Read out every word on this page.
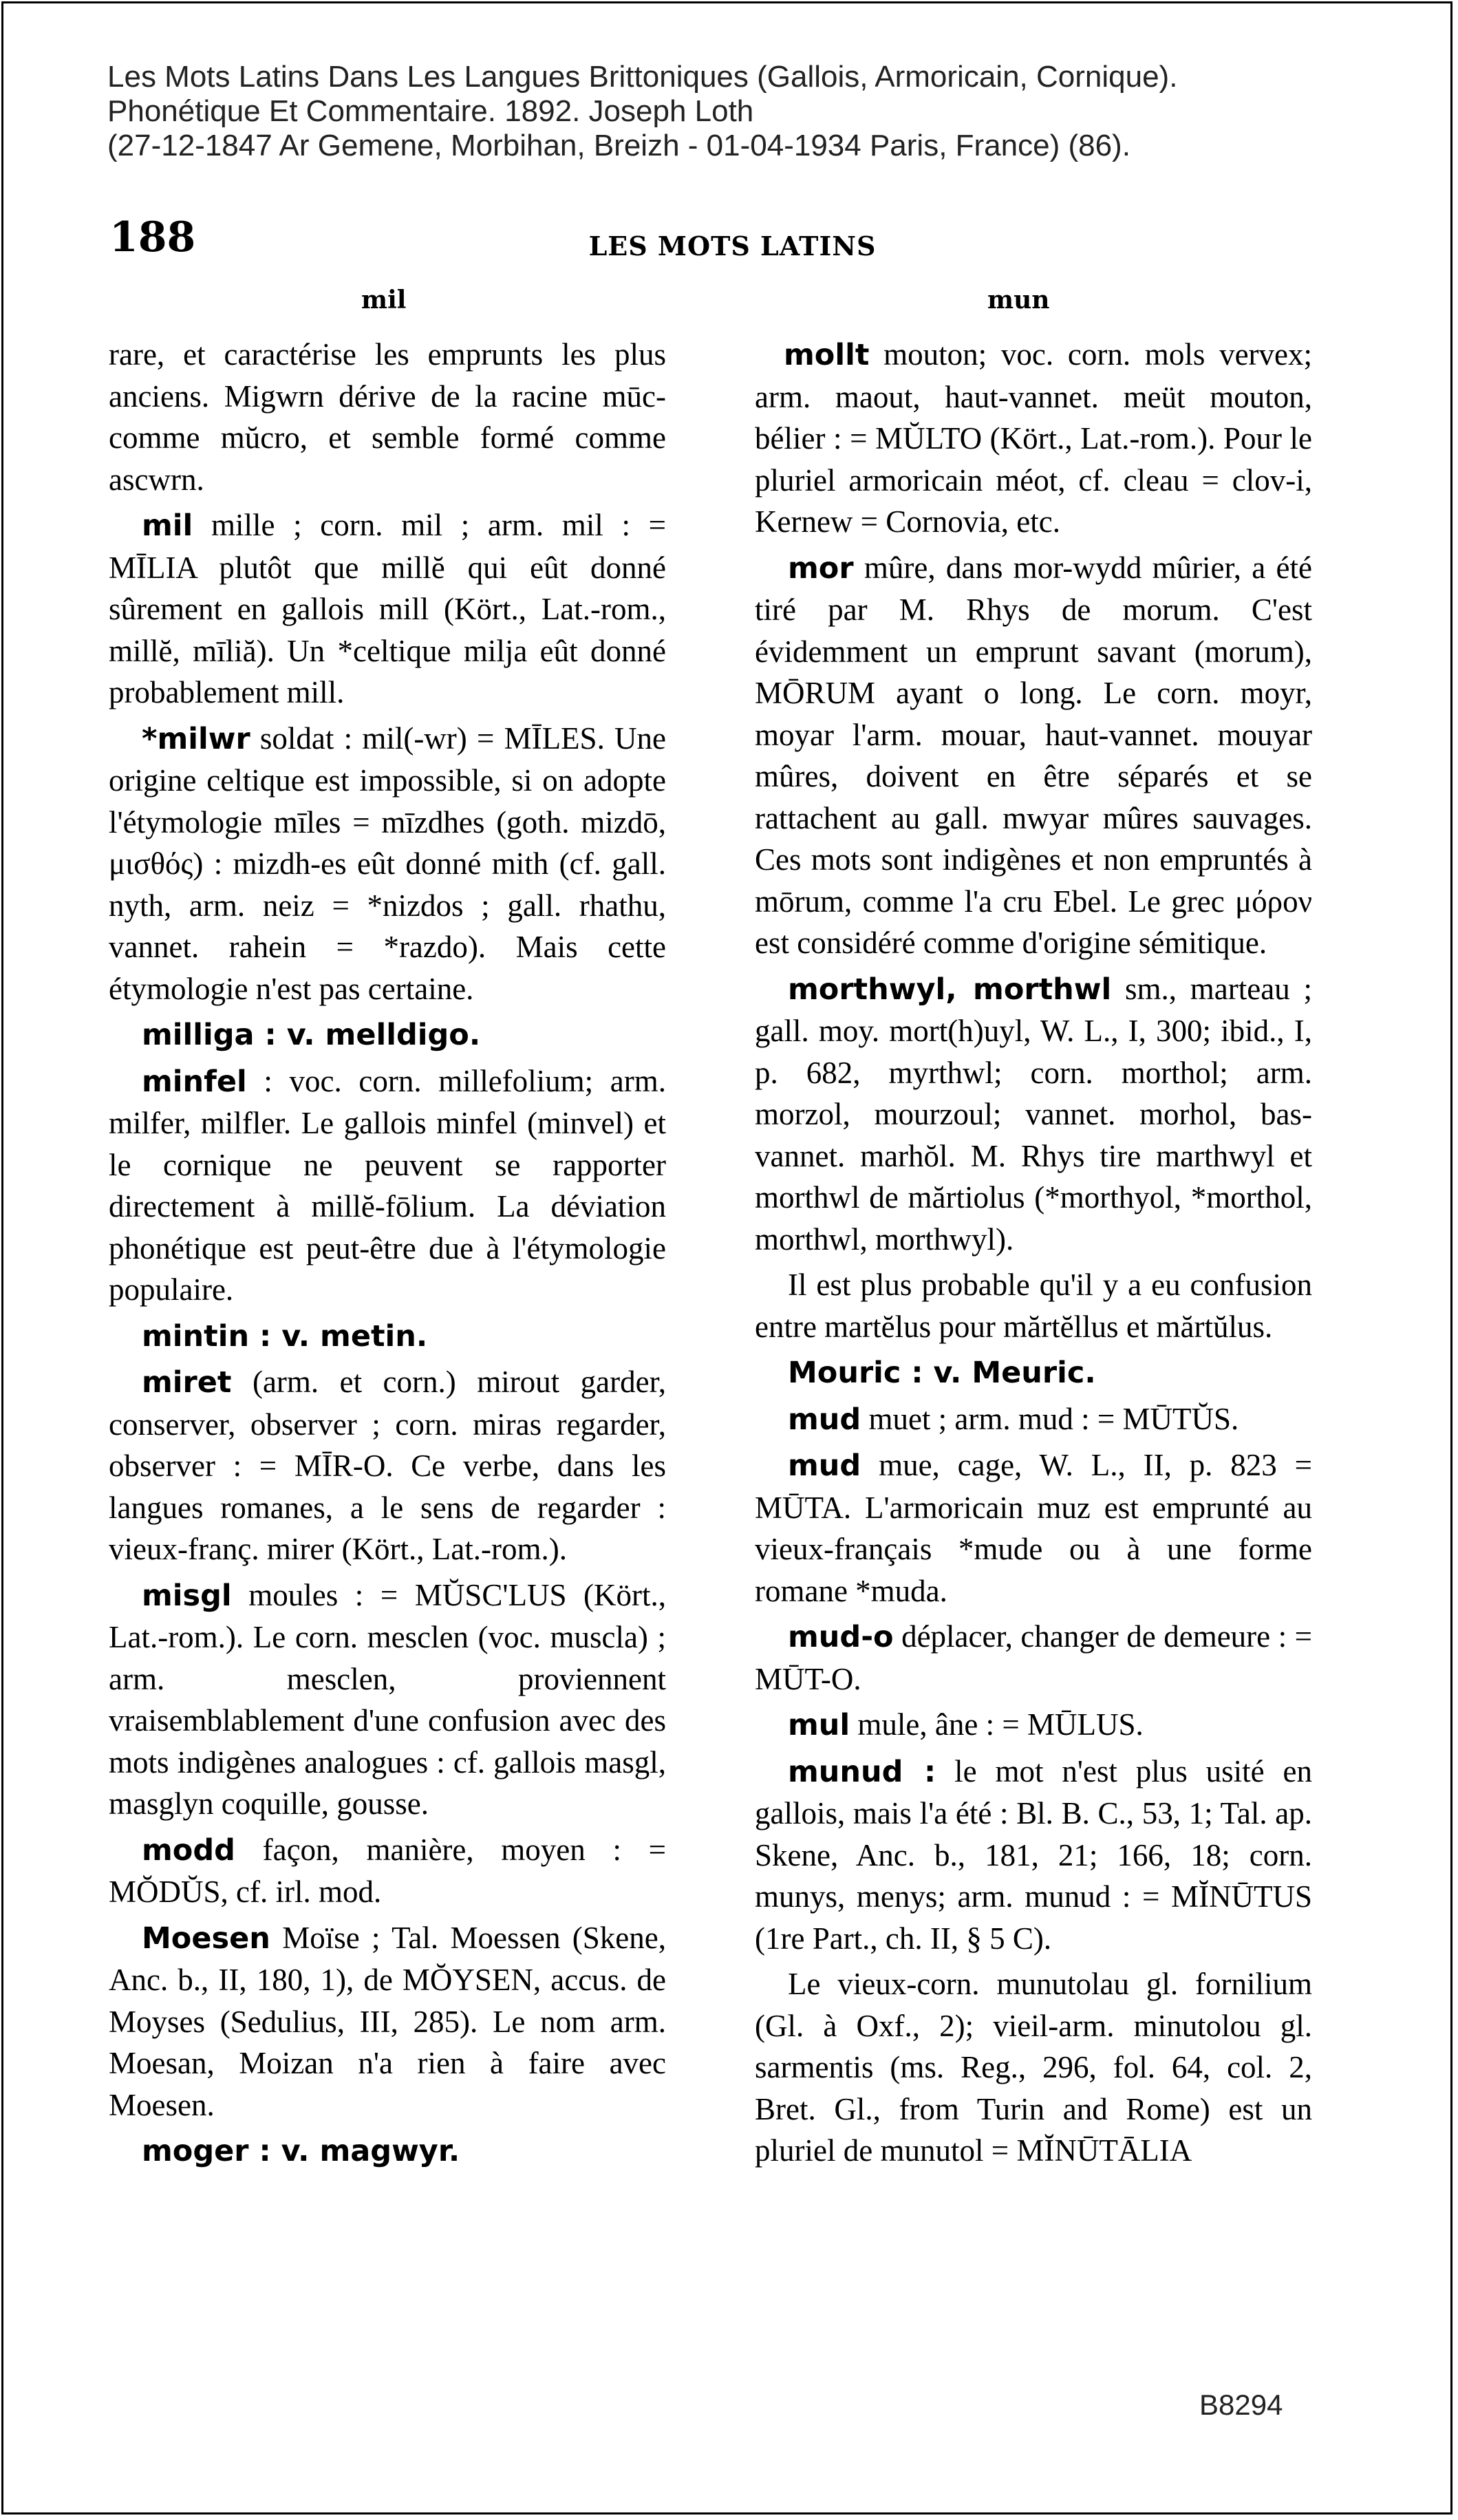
Les Mots Latins Dans Les Langues Brittoniques (Gallois, Armoricain, Cornique).
Phonétique Et Commentaire. 1892. Joseph Loth
(27-12-1847 Ar Gemene, Morbihan, Breizh - 01-04-1934 Paris, France) (86).
188	LES MOTS LATINS
mil	mun

rare, et caractérise les emprunts les plus anciens. Migwrn dérive de la racine mūc- comme mŭcro, et semble formé comme ascwrn.

mil mille ; corn. mil ; arm. mil : = MĪLIA plutôt que millĕ qui eût donné sûrement en gallois mill (Kört., Lat.-rom., millĕ, mīliă). Un *celtique milja eût donné probablement mill.

*milwr soldat : mil(-wr) = MĪLES. Une origine celtique est impossible, si on adopte l'étymologie mīles = mīzdhes (goth. mizdō, μισθός) : mizdh-es eût donné mith (cf. gall. nyth, arm. neiz = *nizdos ; gall. rhathu, vannet. rahein = *razdo). Mais cette étymologie n'est pas certaine.

milliga : v. melldigo.

minfel : voc. corn. millefolium; arm. milfer, milfler. Le gallois minfel (minvel) et le cornique ne peuvent se rapporter directement à millĕ-fōlium. La déviation phonétique est peut-être due à l'étymologie populaire.

mintin : v. metin.

miret (arm. et corn.) mirout garder, conserver, observer ; corn. miras regarder, observer : = MĪR-O. Ce verbe, dans les langues romanes, a le sens de regarder : vieux-franç. mirer (Kört., Lat.-rom.).

misgl moules : = MŬSC'LUS (Kört., Lat.-rom.). Le corn. mesclen (voc. muscla) ; arm. mesclen, proviennent vraisemblablement d'une confusion avec des mots indigènes analogues : cf. gallois masgl, masglyn coquille, gousse.

modd façon, manière, moyen : = MŎDŬS, cf. irl. mod.

Moesen Moïse ; Tal. Moessen (Skene, Anc. b., II, 180, 1), de MŎYSEN, accus. de Moyses (Sedulius, III, 285). Le nom arm. Moesan, Moizan n'a rien à faire avec Moesen.

moger : v. magwyr.

mollt mouton; voc. corn. mols vervex; arm. maout, haut-vannet. meüt mouton, bélier : = MŬLTO (Kört., Lat.-rom.). Pour le pluriel armoricain méot, cf. cleau = clov-i, Kernew = Cornovia, etc.

mor mûre, dans mor-wydd mûrier, a été tiré par M. Rhys de morum. C'est évidemment un emprunt savant (morum), MŌRUM ayant o long. Le corn. moyr, moyar l'arm. mouar, haut-vannet. mouyar mûres, doivent en être séparés et se rattachent au gall. mwyar mûres sauvages. Ces mots sont indigènes et non empruntés à mōrum, comme l'a cru Ebel. Le grec μόρον est considéré comme d'origine sémitique.

morthwyl, morthwl sm., marteau ; gall. moy. mort(h)uyl, W. L., I, 300; ibid., I, p. 682, myrthwl; corn. morthol; arm. morzol, mourzoul; vannet. morhol, bas-vannet. marhŏl. M. Rhys tire marthwyl et morthwl de mărtiolus (*morthyol, *morthol, morthwl, morthwyl).

Il est plus probable qu'il y a eu confusion entre martĕlus pour mărtĕllus et mărtŭlus.

Mouric : v. Meuric.

mud muet ; arm. mud : = MŪTŬS.

mud mue, cage, W. L., II, p. 823 = MŪTA. L'armoricain muz est emprunté au vieux-français *mude ou à une forme romane *muda.

mud-o déplacer, changer de demeure : = MŪT-O.

mul mule, âne : = MŪLUS.

munud : le mot n'est plus usité en gallois, mais l'a été : Bl. B. C., 53, 1; Tal. ap. Skene, Anc. b., 181, 21; 166, 18; corn. munys, menys; arm. munud : = MĬNŪTUS (1re Part., ch. II, § 5 C).

Le vieux-corn. munutolau gl. fornilium (Gl. à Oxf., 2); vieil-arm. minutolou gl. sarmentis (ms. Reg., 296, fol. 64, col. 2, Bret. Gl., from Turin and Rome) est un pluriel de munutol = MĬNŪTĀLIA

B8294
